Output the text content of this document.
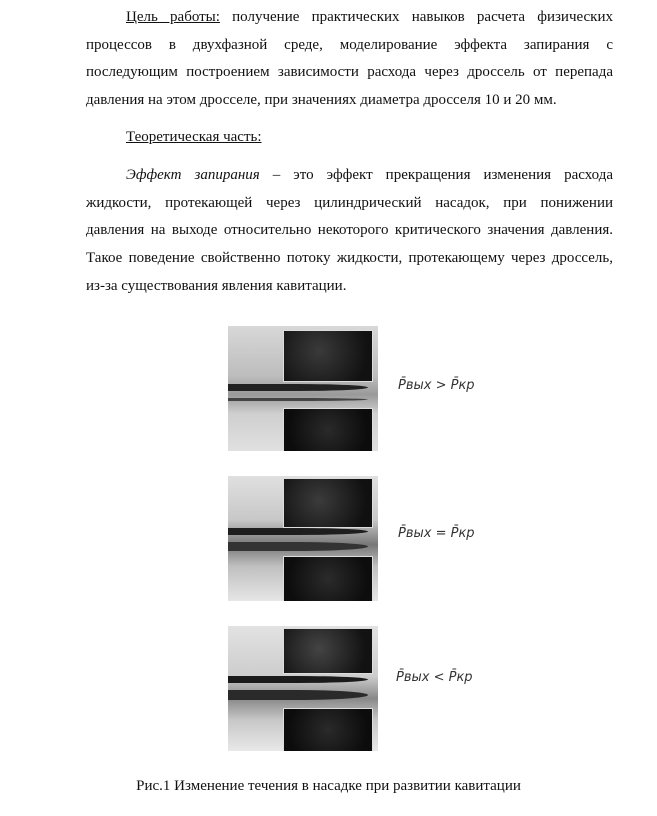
Цель работы: получение практических навыков расчета физических процессов в двухфазной среде, моделирование эффекта запирания с последующим построением зависимости расхода через дроссель от перепада давления на этом дросселе, при значениях диаметра дросселя 10 и 20 мм.

Теоретическая часть:

Эффект запирания – это эффект прекращения изменения расхода жидкости, протекающей через цилиндрический насадок, при понижении давления на выходе относительно некоторого критического значения давления. Такое поведение свойственно потоку жидкости, протекающему через дроссель, из-за существования явления кавитации.

P̄вых > P̄кр
P̄вых = P̄кр
P̄вых < P̄кр
Рис.1 Изменение течения в насадке при развитии кавитации
